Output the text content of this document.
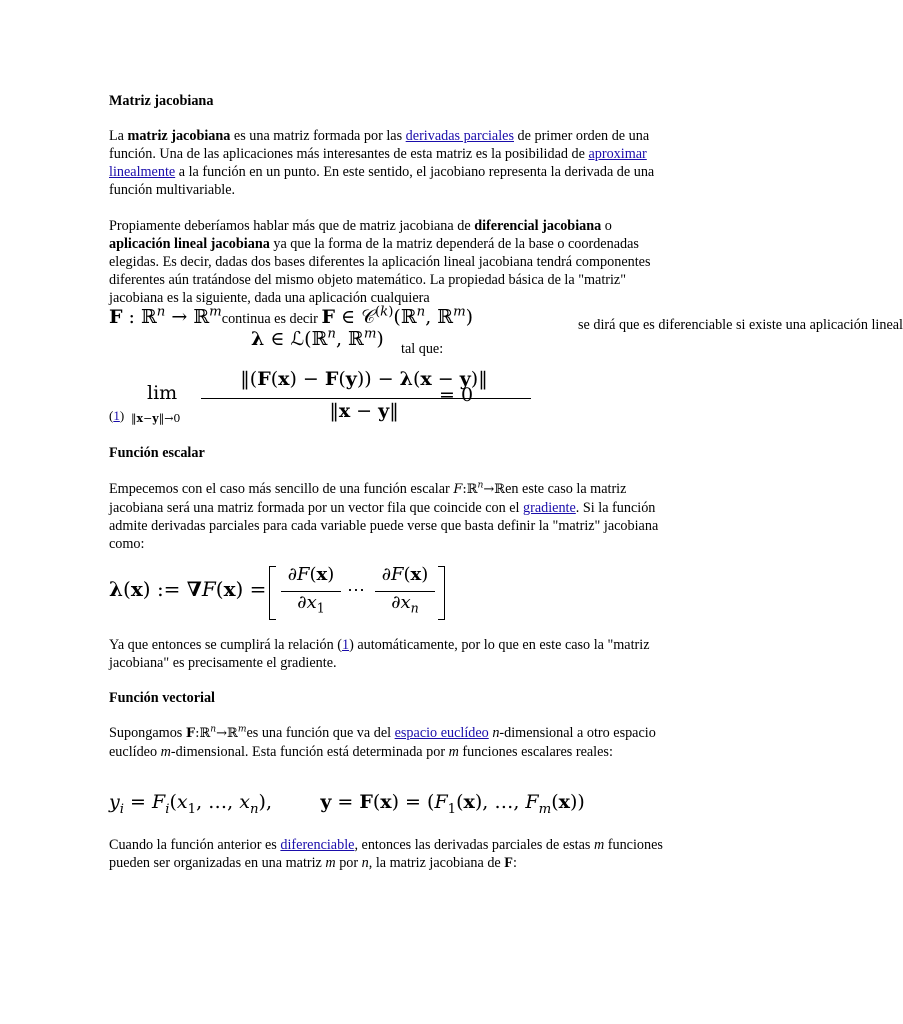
Matriz jacobiana

La matriz jacobiana es una matriz formada por las derivadas parciales de primer orden de una función. Una de las aplicaciones más interesantes de esta matriz es la posibilidad de aproximar linealmente a la función en un punto. En este sentido, el jacobiano representa la derivada de una función multivariable.

Propiamente deberíamos hablar más que de matriz jacobiana de diferencial jacobiana o aplicación lineal jacobiana ya que la forma de la matriz dependerá de la base o coordenadas elegidas. Es decir, dadas dos bases diferentes la aplicación lineal jacobiana tendrá componentes diferentes aún tratándose del mismo objeto matemático. La propiedad básica de la "matriz" jacobiana es la siguiente, dada una aplicación cualquiera

F : ℝ$^n$ → ℝ$^m$continua es decir F ∈ 𝒞$^{(k)}$(ℝ$^n$, ℝ$^m$)	se dirá que es diferenciable si existe una aplicación lineal
λ ∈ ℒ(ℝ$^n$, ℝ$^m$) tal que:
(1)
lim
‖x−y‖→0
‖(F(x) − F(y)) − λ(x − y)‖
‖x − y‖
= 0
Función escalar

Empecemos con el caso más sencillo de una función escalar F:ℝ$^n$→ℝen este caso la matriz jacobiana será una matriz formada por un vector fila que coincide con el gradiente. Si la función admite derivadas parciales para cada variable puede verse que basta definir la "matriz" jacobiana como:

λ(x) := ∇F(x) =
∂F(x)
$\partial x_1$
⋯
∂F(x)
$\partial x_n$

Ya que entonces se cumplirá la relación (1) automáticamente, por lo que en este caso la "matriz jacobiana" es precisamente el gradiente.

Función vectorial

Supongamos F:ℝ$^n$→ℝ$^m$es una función que va del espacio euclídeo n-dimensional a otro espacio euclídeo m-dimensional. Esta función está determinada por m funciones escalares reales:

$y_i = F_i(x_1$, …, $x_n$),        $y = F(x) = (F_1(x)$, …, $F_m(x)$)

Cuando la función anterior es diferenciable, entonces las derivadas parciales de estas m funciones pueden ser organizadas en una matriz m por n, la matriz jacobiana de F:
